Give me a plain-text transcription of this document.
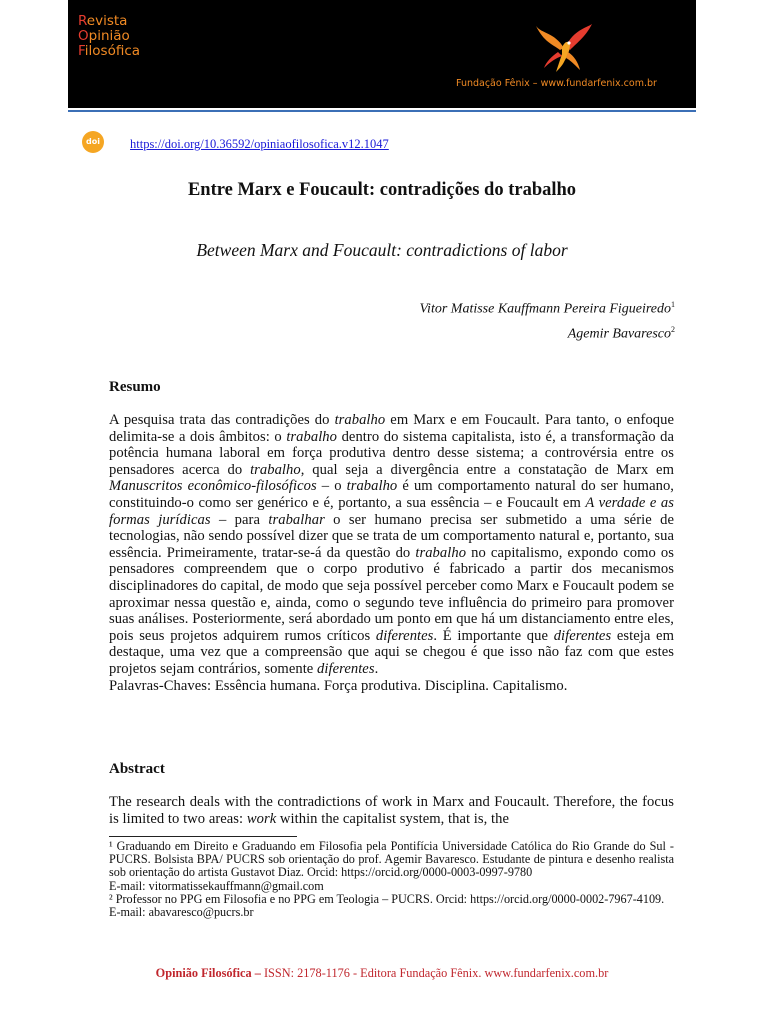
Revista
Opinião
Filosófica
Fundação Fênix – www.fundarfenix.com.br
doi	https://doi.org/10.36592/opiniaofilosofica.v12.1047
Entre Marx e Foucault: contradições do trabalho
Between Marx and Foucault: contradictions of labor
Vitor Matisse Kauffmann Pereira Figueiredo$^1$
Agemir Bavaresco$^2$
Resumo
A pesquisa trata das contradições do trabalho em Marx e em Foucault. Para tanto, o enfoque delimita-se a dois âmbitos: o trabalho dentro do sistema capitalista, isto é, a transformação da potência humana laboral em força produtiva dentro desse sistema; a controvérsia entre os pensadores acerca do trabalho, qual seja a divergência entre a constatação de Marx em Manuscritos econômico-filosóficos – o trabalho é um comportamento natural do ser humano, constituindo-o como ser genérico e é, portanto, a sua essência – e Foucault em A verdade e as formas jurídicas – para trabalhar o ser humano precisa ser submetido a uma série de tecnologias, não sendo possível dizer que se trata de um comportamento natural e, portanto, sua essência. Primeiramente, tratar-se-á da questão do trabalho no capitalismo, expondo como os pensadores compreendem que o corpo produtivo é fabricado a partir dos mecanismos disciplinadores do capital, de modo que seja possível perceber como Marx e Foucault podem se aproximar nessa questão e, ainda, como o segundo teve influência do primeiro para promover suas análises. Posteriormente, será abordado um ponto em que há um distanciamento entre eles, pois seus projetos adquirem rumos críticos diferentes. É importante que diferentes esteja em destaque, uma vez que a compreensão que aqui se chegou é que isso não faz com que estes projetos sejam contrários, somente diferentes.
Palavras-Chaves: Essência humana. Força produtiva. Disciplina. Capitalismo.
Abstract
The research deals with the contradictions of work in Marx and Foucault. Therefore, the focus is limited to two areas: work within the capitalist system, that is, the

¹ Graduando em Direito e Graduando em Filosofia pela Pontifícia Universidade Católica do Rio Grande do Sul - PUCRS. Bolsista BPA/ PUCRS sob orientação do prof. Agemir Bavaresco. Estudante de pintura e desenho realista sob orientação do artista Gustavot Diaz. Orcid: https://orcid.org/0000-0003-0997-9780

E-mail: vitormatissekauffmann@gmail.com

² Professor no PPG em Filosofia e no PPG em Teologia – PUCRS. Orcid: https://orcid.org/0000-0002-7967-4109.

E-mail: abavaresco@pucrs.br

Opinião Filosófica – ISSN: 2178-1176 - Editora Fundação Fênix. www.fundarfenix.com.br
